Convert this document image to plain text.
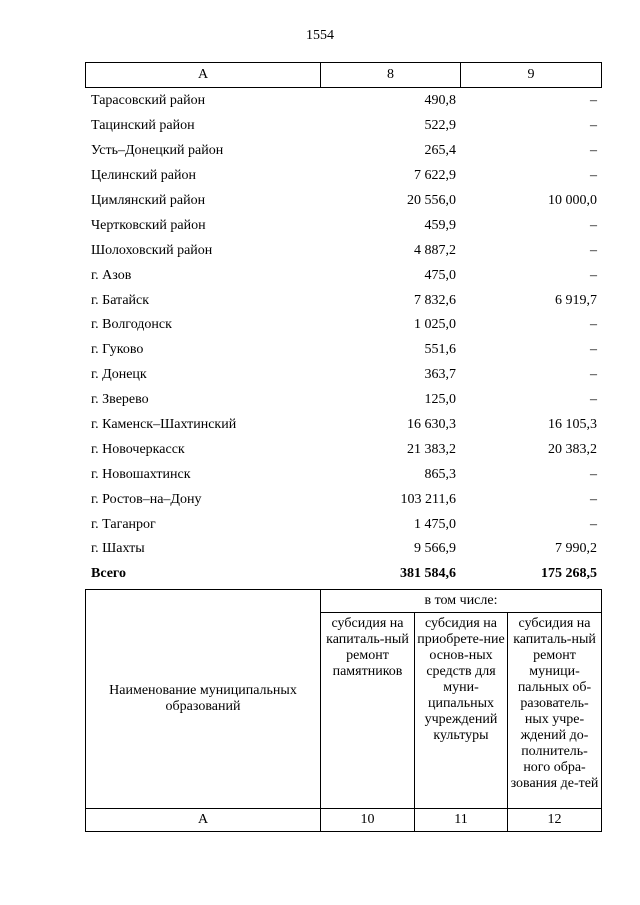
1554
А	8	9
Тарасовский район	490,8	–
Тацинский район	522,9	–
Усть–Донецкий район	265,4	–
Целинский район	7 622,9	–
Цимлянский район	20 556,0	10 000,0
Чертковский район	459,9	–
Шолоховский район	4 887,2	–
г. Азов	475,0	–
г. Батайск	7 832,6	6 919,7
г. Волгодонск	1 025,0	–
г. Гуково	551,6	–
г. Донецк	363,7	–
г. Зверево	125,0	–
г. Каменск–Шахтинский	16 630,3	16 105,3
г. Новочеркасск	21 383,2	20 383,2
г. Новошахтинск	865,3	–
г. Ростов–на–Дону	103 211,6	–
г. Таганрог	1 475,0	–
г. Шахты	9 566,9	7 990,2
Всего	381 584,6	175 268,5
Наименование муниципальных образований	в том числе:		
	субсидия на капиталь-ный ремонт памятников	субсидия на приобрете-ние основ-ных средств для муни-ципальных учреждений культуры	субсидия на капиталь-ный ремонт муници-пальных об-разователь-ных учре-ждений до-полнитель-ного обра-зования де-тей
А	10	11	12
